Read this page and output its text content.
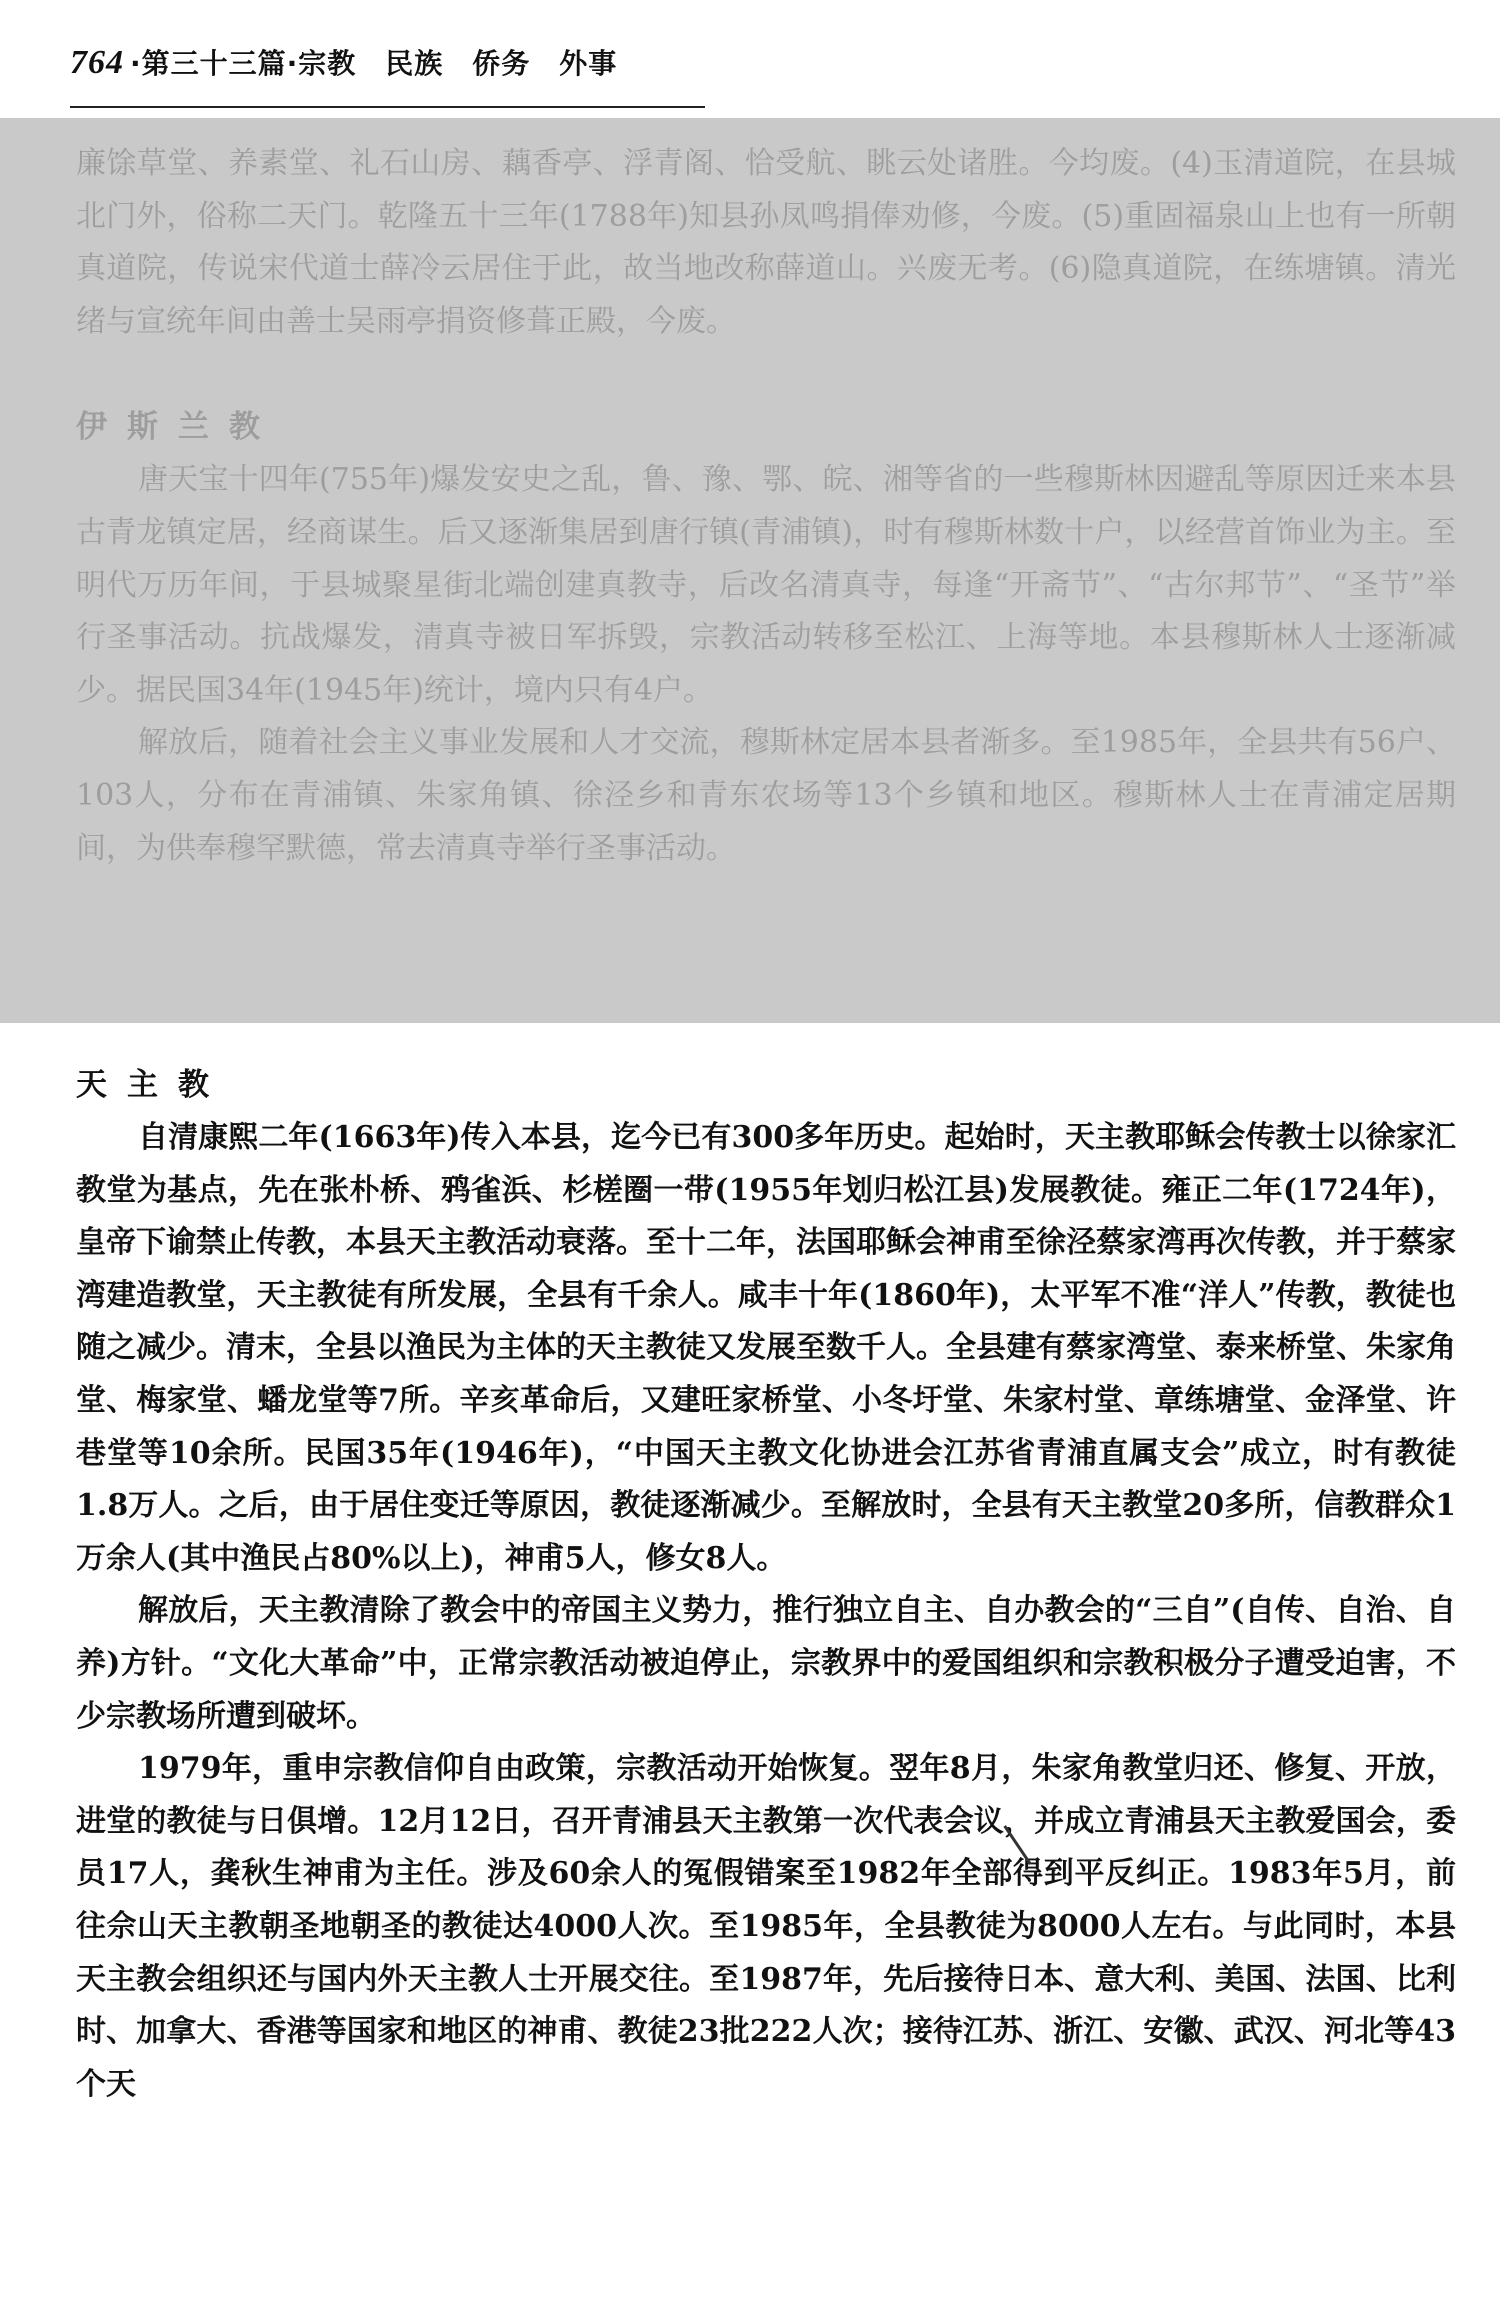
764 ·第三十三篇·宗教　民族　侨务　外事

廉馀草堂、养素堂、礼石山房、藕香亭、浮青阁、恰受航、眺云处诸胜。今均废。(4)玉清道院，在县城北门外，俗称二天门。乾隆五十三年(1788年)知县孙凤鸣捐俸劝修，今废。(5)重固福泉山上也有一所朝真道院，传说宋代道士薛冷云居住于此，故当地改称薛道山。兴废无考。(6)隐真道院，在练塘镇。清光绪与宣统年间由善士吴雨亭捐资修葺正殿，今废。

伊斯兰教

唐天宝十四年(755年)爆发安史之乱，鲁、豫、鄂、皖、湘等省的一些穆斯林因避乱等原因迁来本县古青龙镇定居，经商谋生。后又逐渐集居到唐行镇(青浦镇)，时有穆斯林数十户，以经营首饰业为主。至明代万历年间，于县城聚星街北端创建真教寺，后改名清真寺，每逢“开斋节”、“古尔邦节”、“圣节”举行圣事活动。抗战爆发，清真寺被日军拆毁，宗教活动转移至松江、上海等地。本县穆斯林人士逐渐减少。据民国34年(1945年)统计，境内只有4户。

解放后，随着社会主义事业发展和人才交流，穆斯林定居本县者渐多。至1985年，全县共有56户、103人，分布在青浦镇、朱家角镇、徐泾乡和青东农场等13个乡镇和地区。穆斯林人士在青浦定居期间，为供奉穆罕默德，常去清真寺举行圣事活动。

天主教

自清康熙二年(1663年)传入本县，迄今已有300多年历史。起始时，天主教耶稣会传教士以徐家汇教堂为基点，先在张朴桥、鸦雀浜、杉槎圈一带(1955年划归松江县)发展教徒。雍正二年(1724年)，皇帝下谕禁止传教，本县天主教活动衰落。至十二年，法国耶稣会神甫至徐泾蔡家湾再次传教，并于蔡家湾建造教堂，天主教徒有所发展，全县有千余人。咸丰十年(1860年)，太平军不准“洋人”传教，教徒也随之减少。清末，全县以渔民为主体的天主教徒又发展至数千人。全县建有蔡家湾堂、泰来桥堂、朱家角堂、梅家堂、蟠龙堂等7所。辛亥革命后，又建旺家桥堂、小冬圩堂、朱家村堂、章练塘堂、金泽堂、许巷堂等10余所。民国35年(1946年)，“中国天主教文化协进会江苏省青浦直属支会”成立，时有教徒1.8万人。之后，由于居住变迁等原因，教徒逐渐减少。至解放时，全县有天主教堂20多所，信教群众1万余人(其中渔民占80%以上)，神甫5人，修女8人。

解放后，天主教清除了教会中的帝国主义势力，推行独立自主、自办教会的“三自”(自传、自治、自养)方针。“文化大革命”中，正常宗教活动被迫停止，宗教界中的爱国组织和宗教积极分子遭受迫害，不少宗教场所遭到破坏。

1979年，重申宗教信仰自由政策，宗教活动开始恢复。翌年8月，朱家角教堂归还、修复、开放，进堂的教徒与日俱增。12月12日，召开青浦县天主教第一次代表会议，并成立青浦县天主教爱国会，委员17人，龚秋生神甫为主任。涉及60余人的冤假错案至1982年全部得到平反纠正。1983年5月，前往佘山天主教朝圣地朝圣的教徒达4000人次。至1985年，全县教徒为8000人左右。与此同时，本县天主教会组织还与国内外天主教人士开展交往。至1987年，先后接待日本、意大利、美国、法国、比利时、加拿大、香港等国家和地区的神甫、教徒23批222人次；接待江苏、浙江、安徽、武汉、河北等43个天
